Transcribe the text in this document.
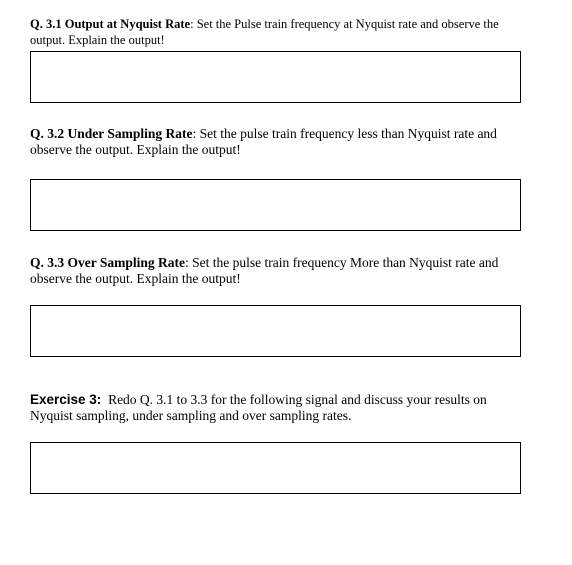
Q. 3.1 Output at Nyquist Rate: Set the Pulse train frequency at Nyquist rate and observe the output. Explain the output!

Q. 3.2 Under Sampling Rate: Set the pulse train frequency less than Nyquist rate and observe the output. Explain the output!

Q. 3.3 Over Sampling Rate: Set the pulse train frequency More than Nyquist rate and observe the output. Explain the output!

Exercise 3:  Redo Q. 3.1 to 3.3 for the following signal and discuss your results on Nyquist sampling, under sampling and over sampling rates.
